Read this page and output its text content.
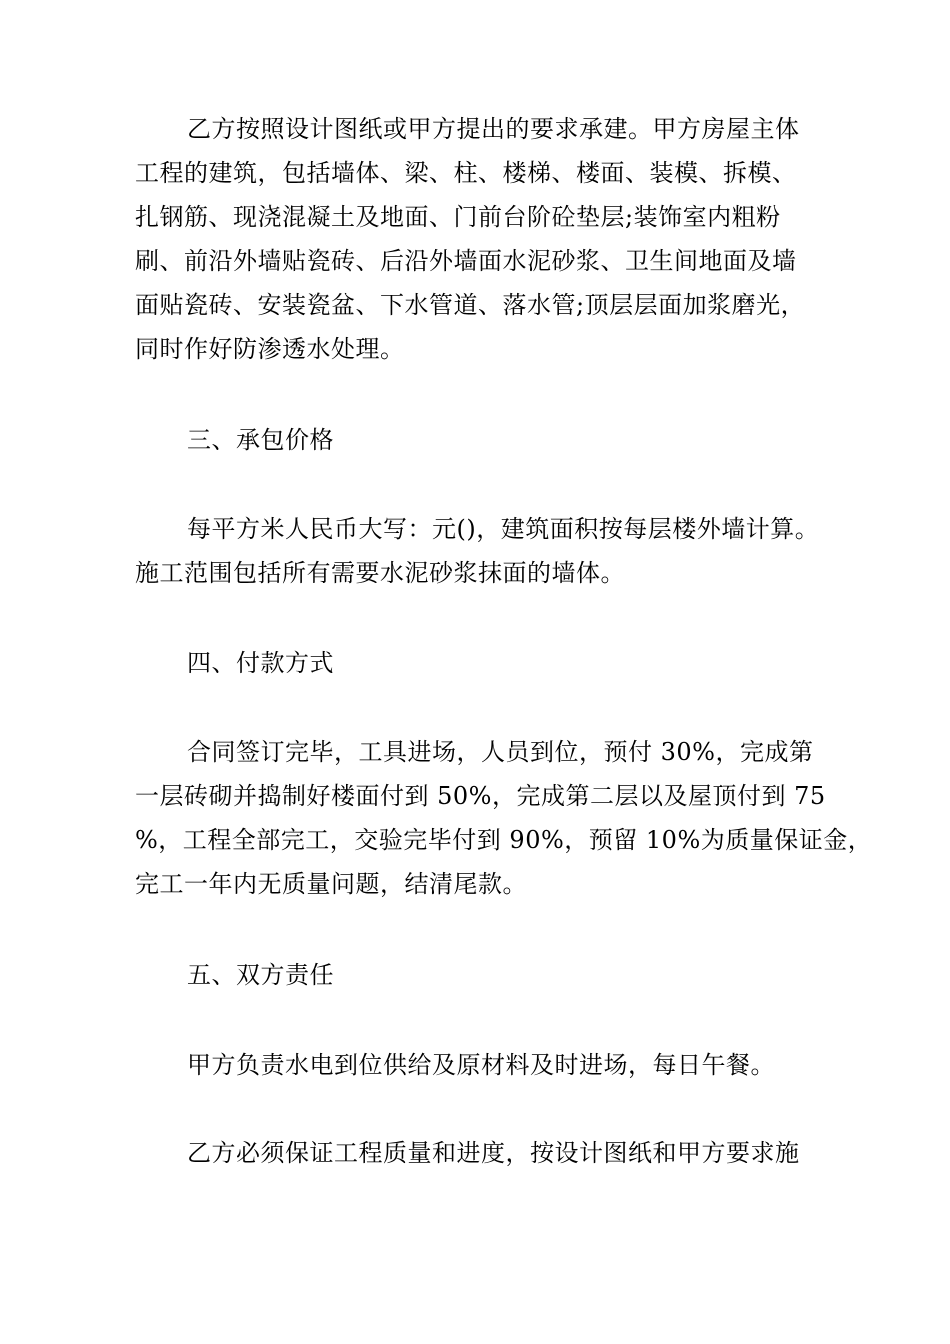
乙方按照设计图纸或甲方提出的要求承建。甲方房屋主体
工程的建筑，包括墙体、梁、柱、楼梯、楼面、装模、拆模、
扎钢筋、现浇混凝土及地面、门前台阶砼垫层;装饰室内粗粉
刷、前沿外墙贴瓷砖、后沿外墙面水泥砂浆、卫生间地面及墙
面贴瓷砖、安装瓷盆、下水管道、落水管;顶层层面加浆磨光，
同时作好防渗透水处理。
三、承包价格
每平方米人民币大写：元()，建筑面积按每层楼外墙计算。
施工范围包括所有需要水泥砂浆抹面的墙体。
四、付款方式
合同签订完毕，工具进场，人员到位，预付 30%，完成第
一层砖砌并捣制好楼面付到 50%，完成第二层以及屋顶付到 75
%，工程全部完工，交验完毕付到 90%，预留 10%为质量保证金，
完工一年内无质量问题，结清尾款。
五、双方责任
甲方负责水电到位供给及原材料及时进场，每日午餐。
乙方必须保证工程质量和进度，按设计图纸和甲方要求施
